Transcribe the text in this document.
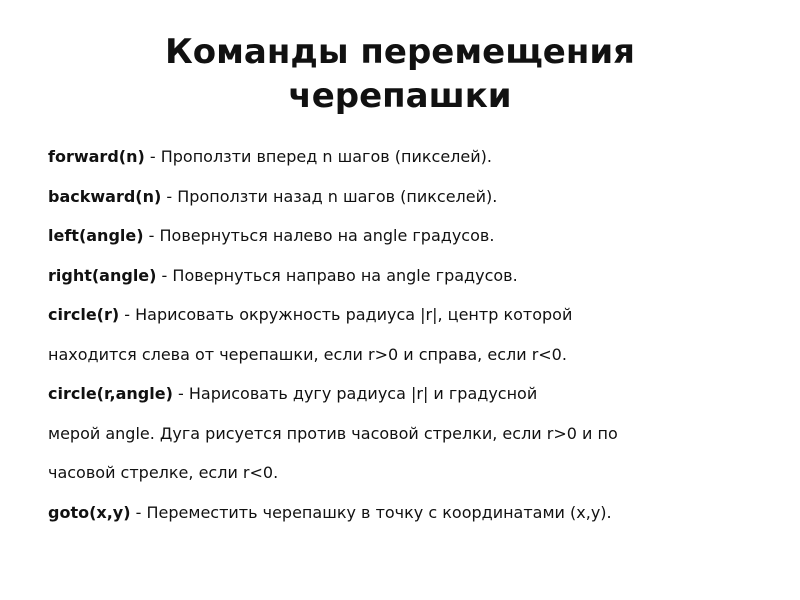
Команды перемещения
черепашки
forward(n) - Проползти вперед n шагов (пикселей).
backward(n) - Проползти назад n шагов (пикселей).
left(angle) - Повернуться налево на angle градусов.
right(angle) - Повернуться направо на angle градусов.
circle(r) - Нарисовать окружность радиуса |r|, центр которой
находится слева от черепашки, если r>0 и справа, если r<0.
circle(r,angle) - Нарисовать дугу радиуса |r| и градусной
мерой angle. Дуга рисуется против часовой стрелки, если r>0 и по
часовой стрелке, если r<0.
goto(x,y) - Переместить черепашку в точку с координатами (x,y).
